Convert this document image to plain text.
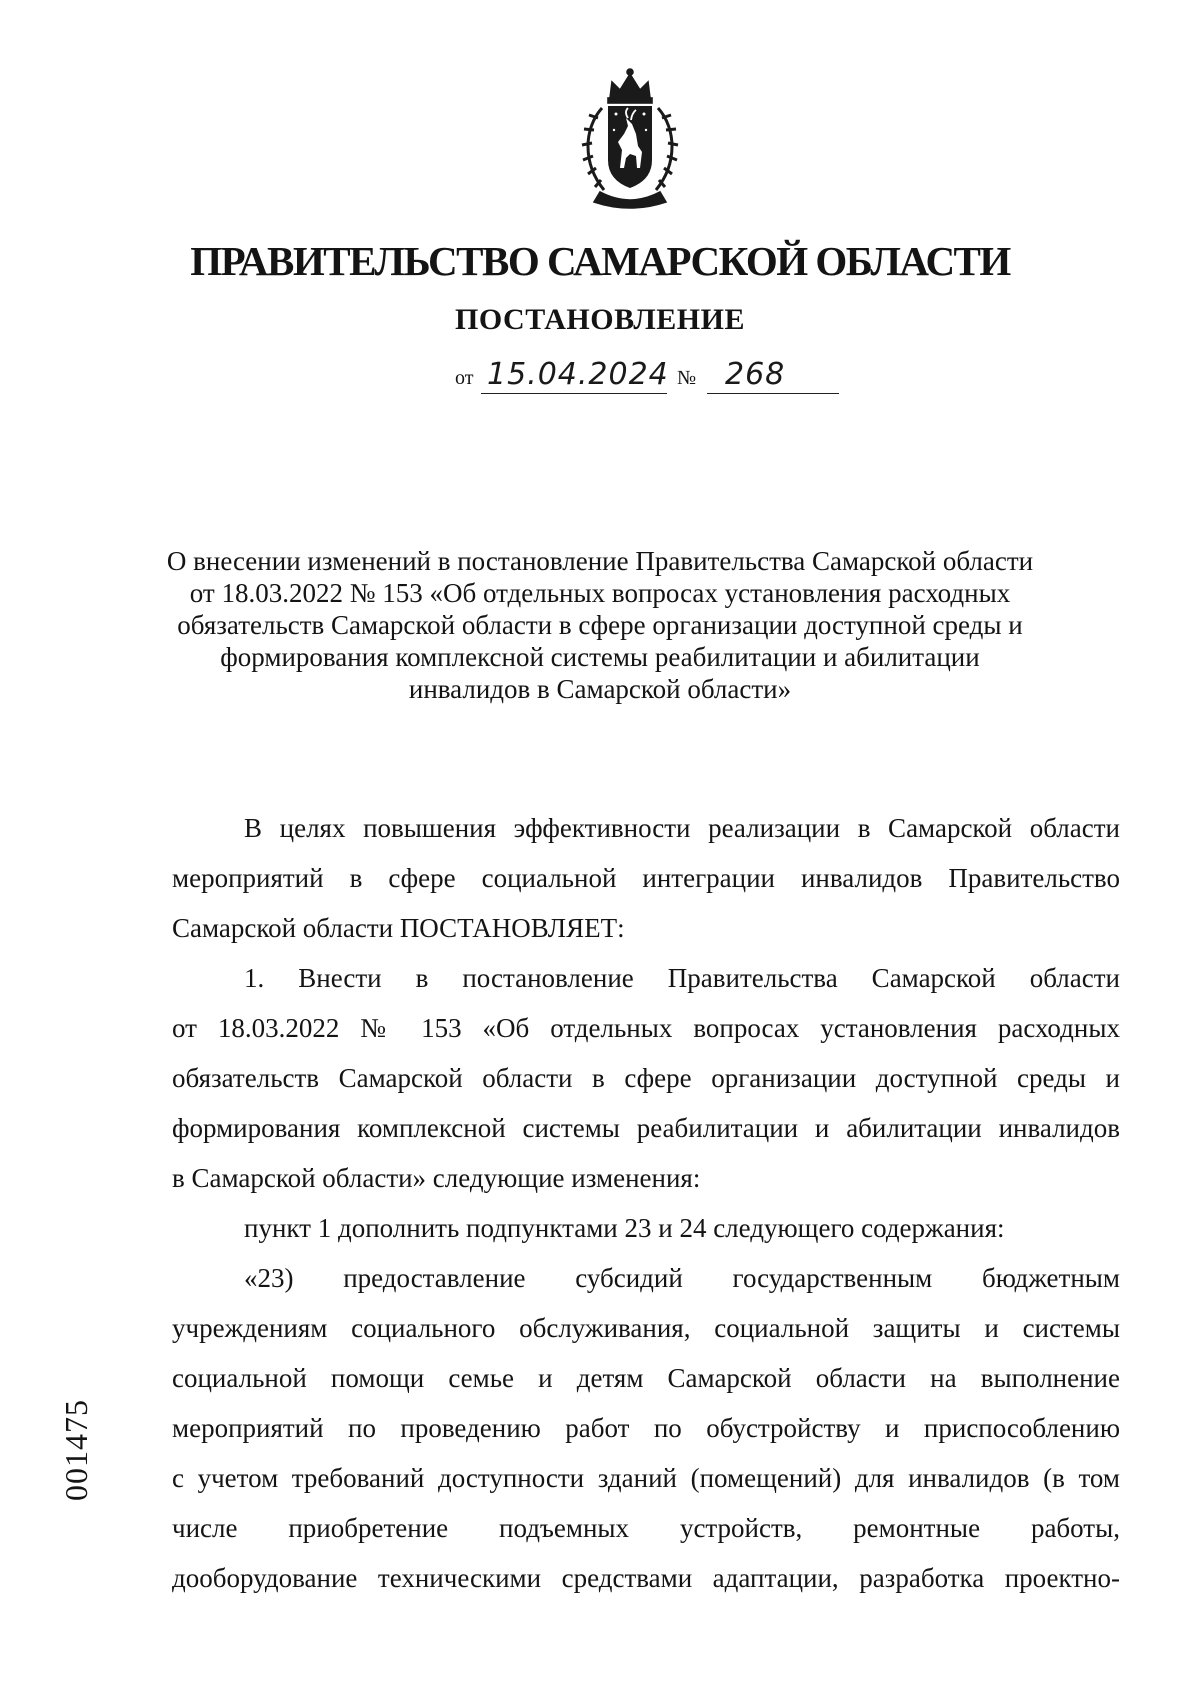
ПРАВИТЕЛЬСТВО САМАРСКОЙ ОБЛАСТИ
ПОСТАНОВЛЕНИЕ
от 15.04.2024 № 268
О внесении изменений в постановление Правительства Самарской области
от 18.03.2022 № 153 «Об отдельных вопросах установления расходных
обязательств Самарской области в сфере организации доступной среды и
формирования комплексной системы реабилитации и абилитации
инвалидов в Самарской области»
В целях повышения эффективности реализации в Самарской области
мероприятий в сфере социальной интеграции инвалидов Правительство
Самарской области ПОСТАНОВЛЯЕТ:
1. Внести в постановление Правительства Самарской области
от 18.03.2022 № 153 «Об отдельных вопросах установления расходных
обязательств Самарской области в сфере организации доступной среды и
формирования комплексной системы реабилитации и абилитации инвалидов
в Самарской области» следующие изменения:
пункт 1 дополнить подпунктами 23 и 24 следующего содержания:
«23) предоставление субсидий государственным бюджетным
учреждениям социального обслуживания, социальной защиты и системы
социальной помощи семье и детям Самарской области на выполнение
мероприятий по проведению работ по обустройству и приспособлению
с учетом требований доступности зданий (помещений) для инвалидов (в том
числе приобретение подъемных устройств, ремонтные работы,
дооборудование техническими средствами адаптации, разработка проектно-
001475
